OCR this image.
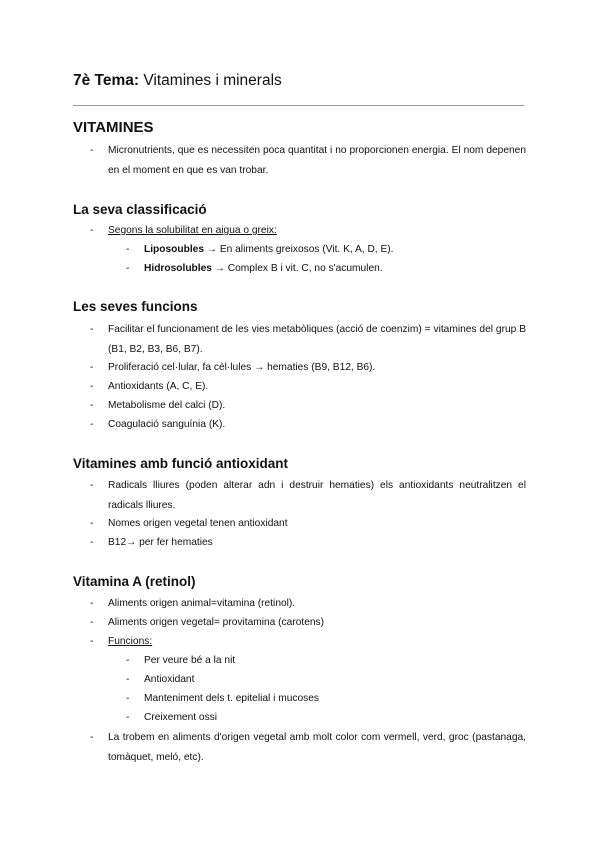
7è Tema: Vitamines i minerals
VITAMINES
- Micronutrients, que es necessiten poca quantitat i no proporcionen energia. El nom depenen en el moment en que es van trobar.
La seva classificació
- Segons la solubilitat en aigua o greix:
- Liposoubles → En aliments greixosos (Vit. K, A, D, E).
- Hidrosolubles → Complex B i vit. C, no s'acumulen.
Les seves funcions
- Facilitar el funcionament de les vies metabòliques (acció de coenzim) = vitamines del grup B (B1, B2, B3, B6, B7).
- Proliferació cel·lular, fa cèl·lules → hematies (B9, B12, B6).
- Antioxidants (A, C, E).
- Metabolisme del calci (D).
- Coagulació sanguínia (K).
Vitamines amb funció antioxidant
- Radicals lliures (poden alterar adn i destruir hematies) els antioxidants neutralitzen el radicals lliures.
- Nomes origen vegetal tenen antioxidant
- B12→ per fer hematies
Vitamina A (retinol)
- Aliments origen animal=vitamina (retinol).
- Aliments origen vegetal= provitamina (carotens)
- Funcions:
- Per veure bé a la nit
- Antioxidant
- Manteniment dels t. epitelial i mucoses
- Creixement ossi
- La trobem en aliments d'origen vegetal amb molt color com vermell, verd, groc (pastanaga, tomàquet, meló, etc).
